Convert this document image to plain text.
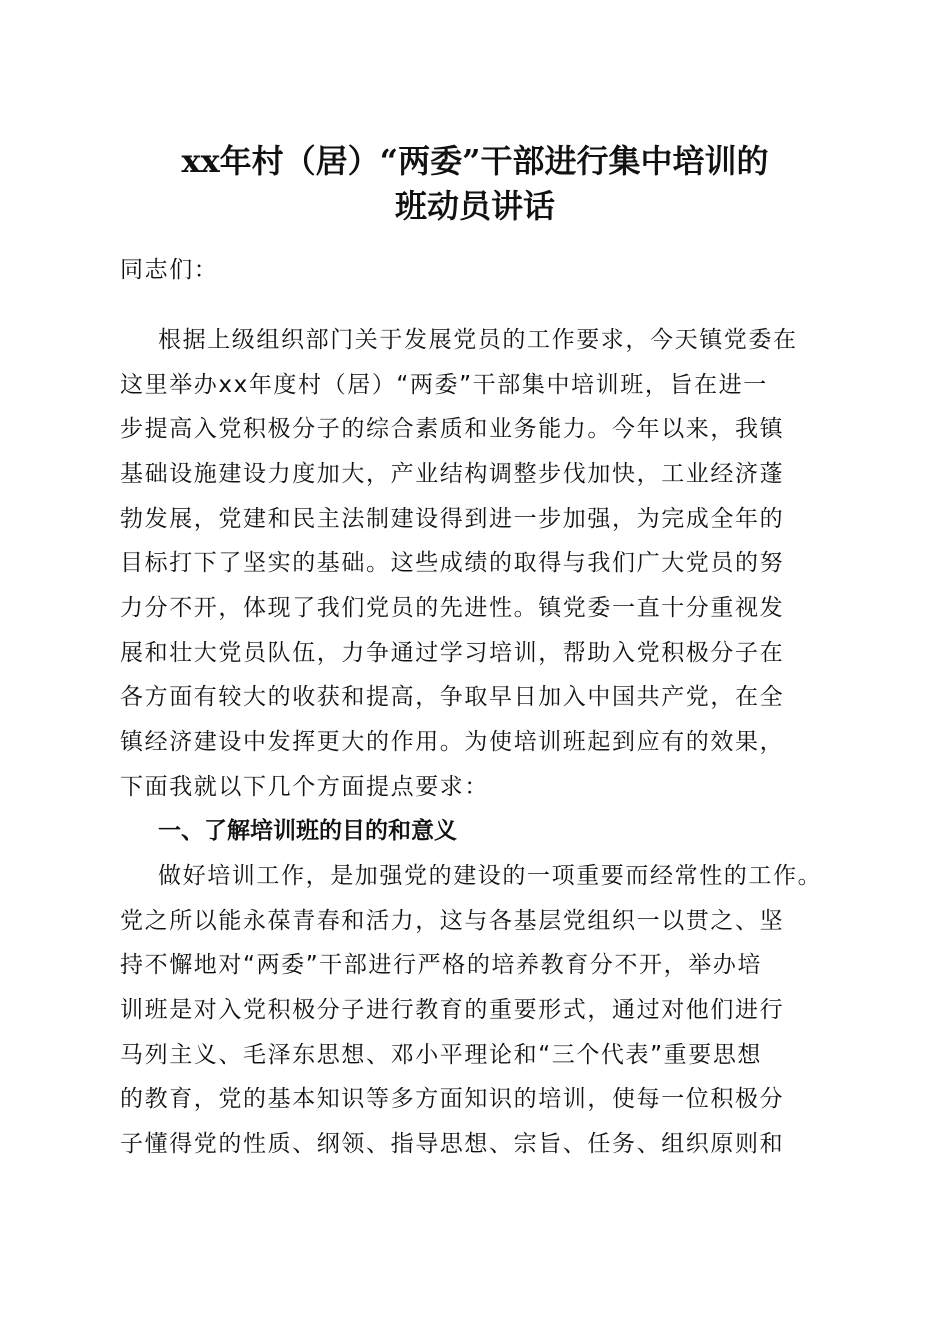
xx年村（居）“两委”干部进行集中培训的
班动员讲话
同志们：
根据上级组织部门关于发展党员的工作要求，今天镇党委在
这里举办xx年度村（居）“两委”干部集中培训班，旨在进一
步提高入党积极分子的综合素质和业务能力。今年以来，我镇
基础设施建设力度加大，产业结构调整步伐加快，工业经济蓬
勃发展，党建和民主法制建设得到进一步加强，为完成全年的
目标打下了坚实的基础。这些成绩的取得与我们广大党员的努
力分不开，体现了我们党员的先进性。镇党委一直十分重视发
展和壮大党员队伍，力争通过学习培训，帮助入党积极分子在
各方面有较大的收获和提高，争取早日加入中国共产党，在全
镇经济建设中发挥更大的作用。为使培训班起到应有的效果，
下面我就以下几个方面提点要求：
一、了解培训班的目的和意义
做好培训工作，是加强党的建设的一项重要而经常性的工作。
党之所以能永葆青春和活力，这与各基层党组织一以贯之、坚
持不懈地对“两委”干部进行严格的培养教育分不开，举办培
训班是对入党积极分子进行教育的重要形式，通过对他们进行
马列主义、毛泽东思想、邓小平理论和“三个代表”重要思想
的教育，党的基本知识等多方面知识的培训，使每一位积极分
子懂得党的性质、纲领、指导思想、宗旨、任务、组织原则和
